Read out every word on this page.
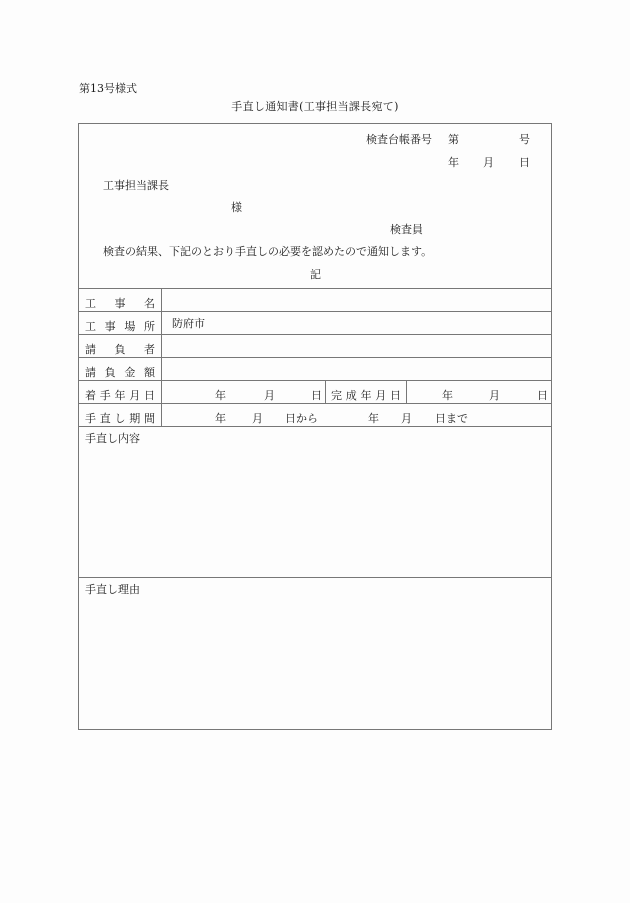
第13号様式
手直し通知書(工事担当課長宛て)
検査台帳番号 第	号
年 月 日
工事担当課長
様
検査員
検査の結果、下記のとおり手直しの必要を認めたので通知します。
記
工 事 名
工 事 場 所 防府市
請 負 者
請 負 金 額
着 手 年 月 日	年	月	日 完 成 年 月 日	年	月	日
手 直 し 期 間	年 月 日から	年 月 日まで
手直し内容
手直し理由
